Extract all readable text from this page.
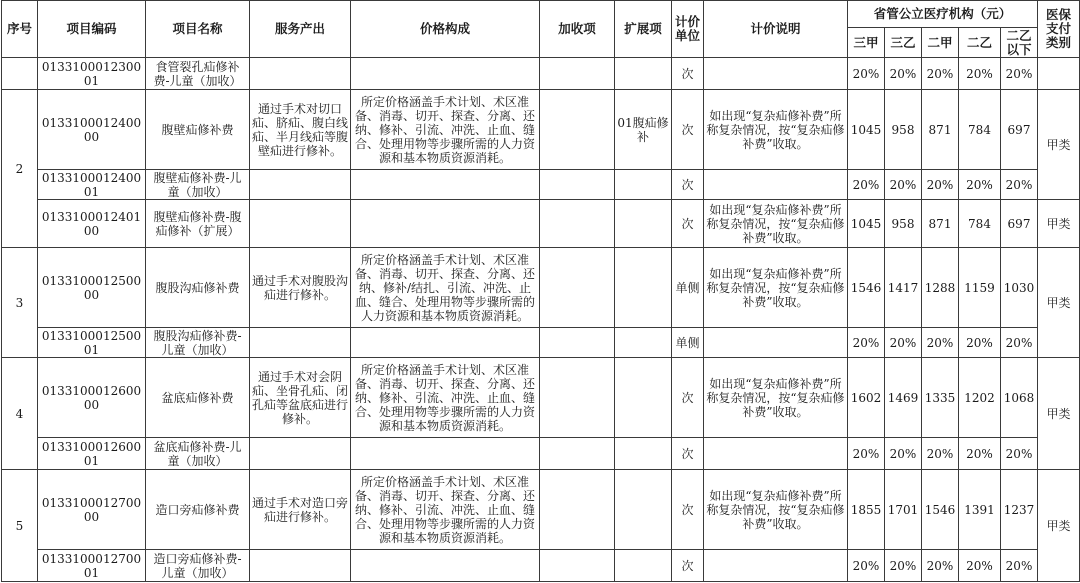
序号	项目编码	项目名称	服务产出	价格构成	加收项	扩展项	计价单位	计价说明	省管公立医疗机构（元）					医保支付类别
									三甲	三乙	二甲	二乙	二乙以下	
	013310001230001	食管裂孔疝修补费-儿童（加收）					次		20%	20%	20%	20%	20%	
2	013310001240000	腹壁疝修补费	通过手术对切口疝、脐疝、腹白线疝、半月线疝等腹壁疝进行修补。	所定价格涵盖手术计划、术区准备、消毒、切开、探查、分离、还纳、修补、引流、冲洗、止血、缝合、处理用物等步骤所需的人力资源和基本物质资源消耗。		01腹疝修补	次	如出现“复杂疝修补费”所称复杂情况，按“复杂疝修补费”收取。	1045	958	871	784	697	甲类
	013310001240001	腹壁疝修补费-儿童（加收）					次		20%	20%	20%	20%	20%	
	013310001240100	腹壁疝修补费-腹疝修补（扩展）					次	如出现“复杂疝修补费”所称复杂情况，按“复杂疝修补费”收取。	1045	958	871	784	697	甲类
3	013310001250000	腹股沟疝修补费	通过手术对腹股沟疝进行修补。	所定价格涵盖手术计划、术区准备、消毒、切开、探查、分离、还纳、修补/结扎、引流、冲洗、止血、缝合、处理用物等步骤所需的人力资源和基本物质资源消耗。			单侧	如出现“复杂疝修补费”所称复杂情况，按“复杂疝修补费”收取。	1546	1417	1288	1159	1030	甲类
	013310001250001	腹股沟疝修补费-儿童（加收）					单侧		20%	20%	20%	20%	20%	
4	013310001260000	盆底疝修补费	通过手术对会阴疝、坐骨孔疝、闭孔疝等盆底疝进行修补。	所定价格涵盖手术计划、术区准备、消毒、切开、探查、分离、还纳、修补、引流、冲洗、止血、缝合、处理用物等步骤所需的人力资源和基本物质资源消耗。			次	如出现“复杂疝修补费”所称复杂情况，按“复杂疝修补费”收取。	1602	1469	1335	1202	1068	甲类
	013310001260001	盆底疝修补费-儿童（加收）					次		20%	20%	20%	20%	20%	
5	013310001270000	造口旁疝修补费	通过手术对造口旁疝进行修补。	所定价格涵盖手术计划、术区准备、消毒、切开、探查、分离、还纳、修补、引流、冲洗、止血、缝合、处理用物等步骤所需的人力资源和基本物质资源消耗。			次	如出现“复杂疝修补费”所称复杂情况，按“复杂疝修补费”收取。	1855	1701	1546	1391	1237	甲类
	013310001270001	造口旁疝修补费-儿童（加收）					次		20%	20%	20%	20%	20%	
